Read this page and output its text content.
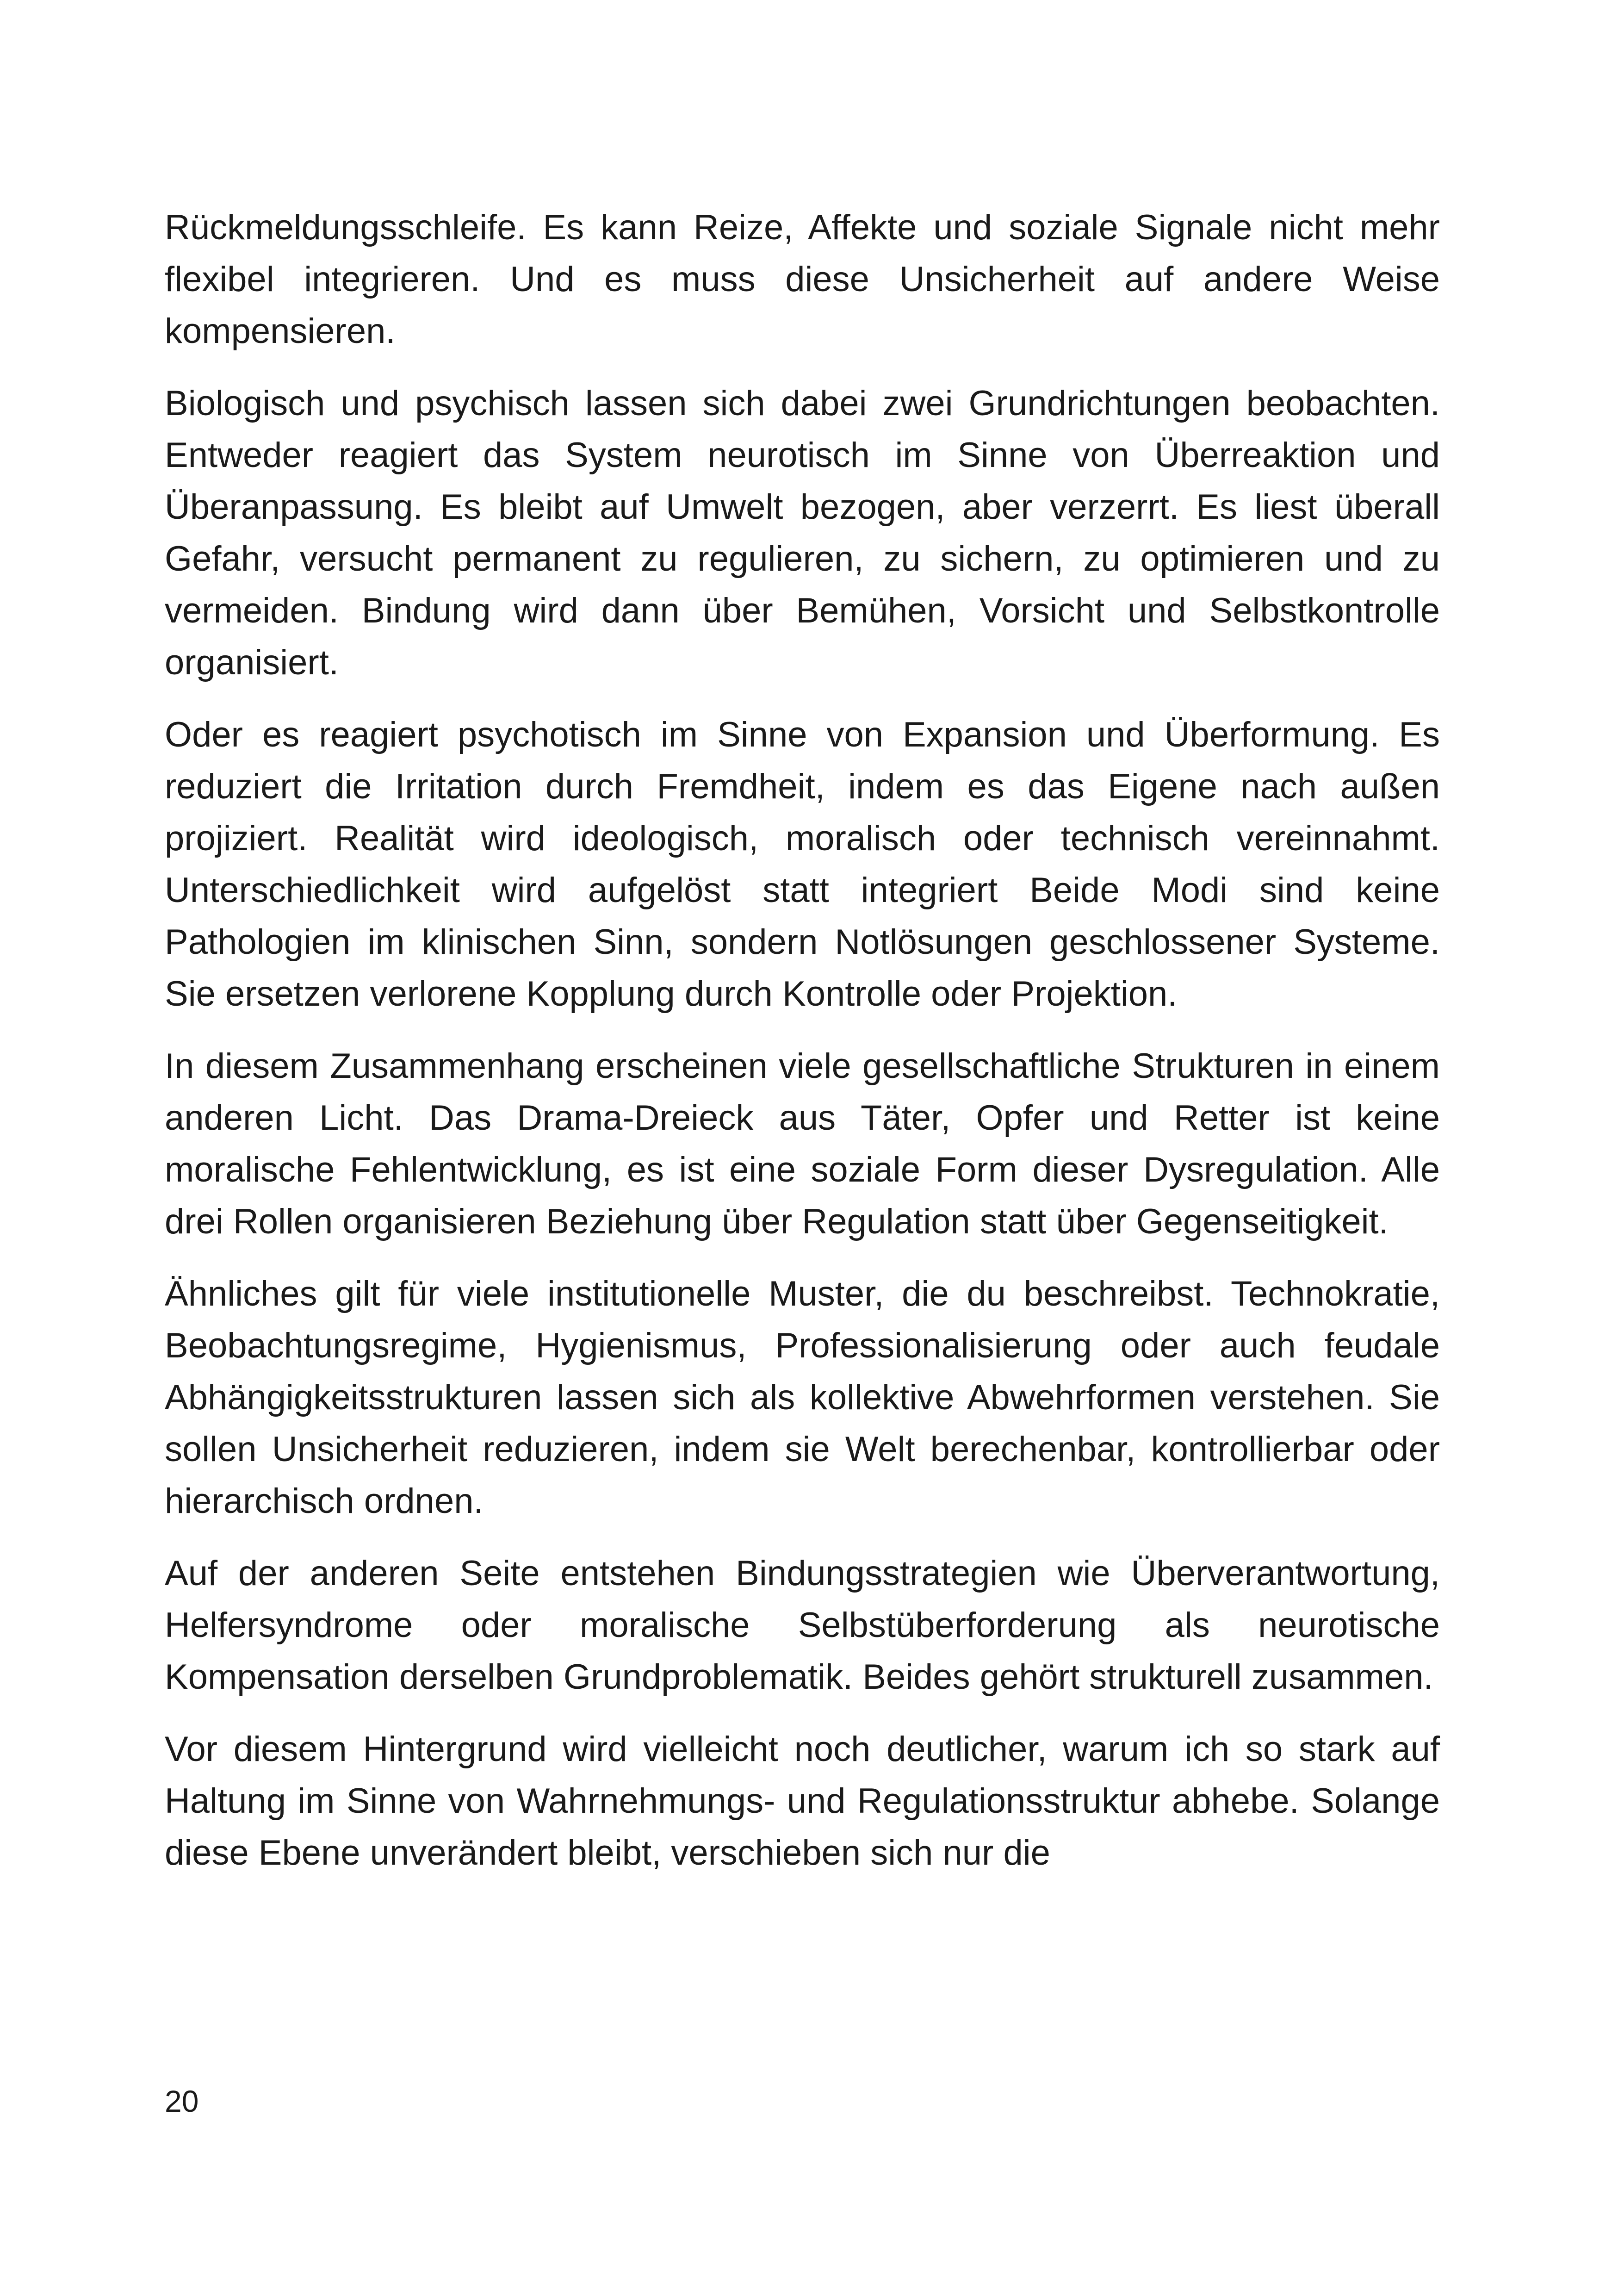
Rückmeldungsschleife. Es kann Reize, Affekte und soziale Signale nicht mehr flexibel integrieren. Und es muss diese Unsicherheit auf andere Weise kompensieren.

Biologisch und psychisch lassen sich dabei zwei Grundrichtungen beobachten. Entweder reagiert das System neurotisch im Sinne von Überreaktion und Überanpassung. Es bleibt auf Umwelt bezogen, aber verzerrt. Es liest überall Gefahr, versucht permanent zu regulieren, zu sichern, zu optimieren und zu vermeiden. Bindung wird dann über Bemühen, Vorsicht und Selbstkontrolle organisiert.

Oder es reagiert psychotisch im Sinne von Expansion und Überformung. Es reduziert die Irritation durch Fremdheit, indem es das Eigene nach außen projiziert. Realität wird ideologisch, moralisch oder technisch vereinnahmt. Unterschiedlichkeit wird aufgelöst statt integriert Beide Modi sind keine Pathologien im klinischen Sinn, sondern Notlösungen geschlossener Systeme. Sie ersetzen verlorene Kopplung durch Kontrolle oder Projektion.

In diesem Zusammenhang erscheinen viele gesellschaftliche Strukturen in einem anderen Licht. Das Drama-Dreieck aus Täter, Opfer und Retter ist keine moralische Fehlentwicklung, es ist eine soziale Form dieser Dysregulation. Alle drei Rollen organisieren Beziehung über Regulation statt über Gegenseitigkeit.

Ähnliches gilt für viele institutionelle Muster, die du beschreibst. Technokratie, Beobachtungsregime, Hygienismus, Professionalisierung oder auch feudale Abhängigkeitsstrukturen lassen sich als kollektive Abwehrformen verstehen. Sie sollen Unsicherheit reduzieren, indem sie Welt berechenbar, kontrollierbar oder hierarchisch ordnen.

Auf der anderen Seite entstehen Bindungsstrategien wie Überverantwortung, Helfersyndrome oder moralische Selbstüberforderung als neurotische Kompensation derselben Grundproblematik. Beides gehört strukturell zusammen.

Vor diesem Hintergrund wird vielleicht noch deutlicher, warum ich so stark auf Haltung im Sinne von Wahrnehmungs- und Regulationsstruktur abhebe. Solange diese Ebene unverändert bleibt, verschieben sich nur die

20
